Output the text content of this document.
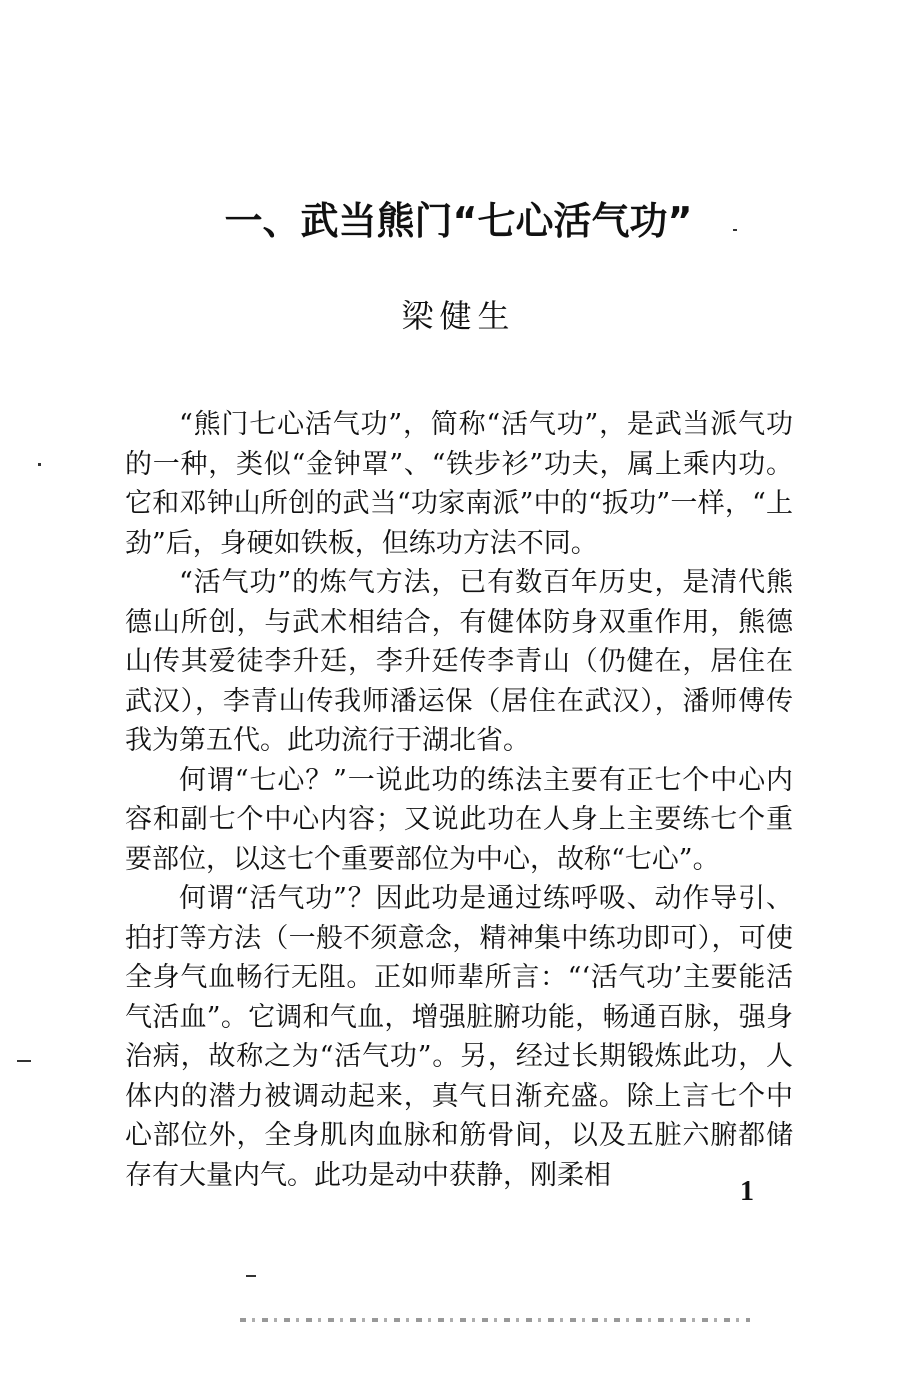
一、武当熊门“七心活气功”
梁健生

“熊门七心活气功”，简称“活气功”，是武当派气功的一种，类似“金钟罩”、“铁步衫”功夫，属上乘内功。它和邓钟山所创的武当“功家南派”中的“扳功”一样，“上劲”后，身硬如铁板，但练功方法不同。

“活气功”的炼气方法，已有数百年历史，是清代熊德山所创，与武术相结合，有健体防身双重作用，熊德山传其爱徒李升廷，李升廷传李青山（仍健在，居住在武汉），李青山传我师潘运保（居住在武汉），潘师傅传我为第五代。此功流行于湖北省。

何谓“七心？”一说此功的练法主要有正七个中心内容和副七个中心内容；又说此功在人身上主要练七个重要部位，以这七个重要部位为中心，故称“七心”。

何谓“活气功”？因此功是通过练呼吸、动作导引、拍打等方法（一般不须意念，精神集中练功即可），可使全身气血畅行无阻。正如师辈所言：“‘活气功’主要能活气活血”。它调和气血，增强脏腑功能，畅通百脉，强身治病，故称之为“活气功”。另，经过长期锻炼此功，人体内的潜力被调动起来，真气日渐充盛。除上言七个中心部位外，全身肌肉血脉和筋骨间，以及五脏六腑都储存有大量内气。此功是动中获静，刚柔相

1
